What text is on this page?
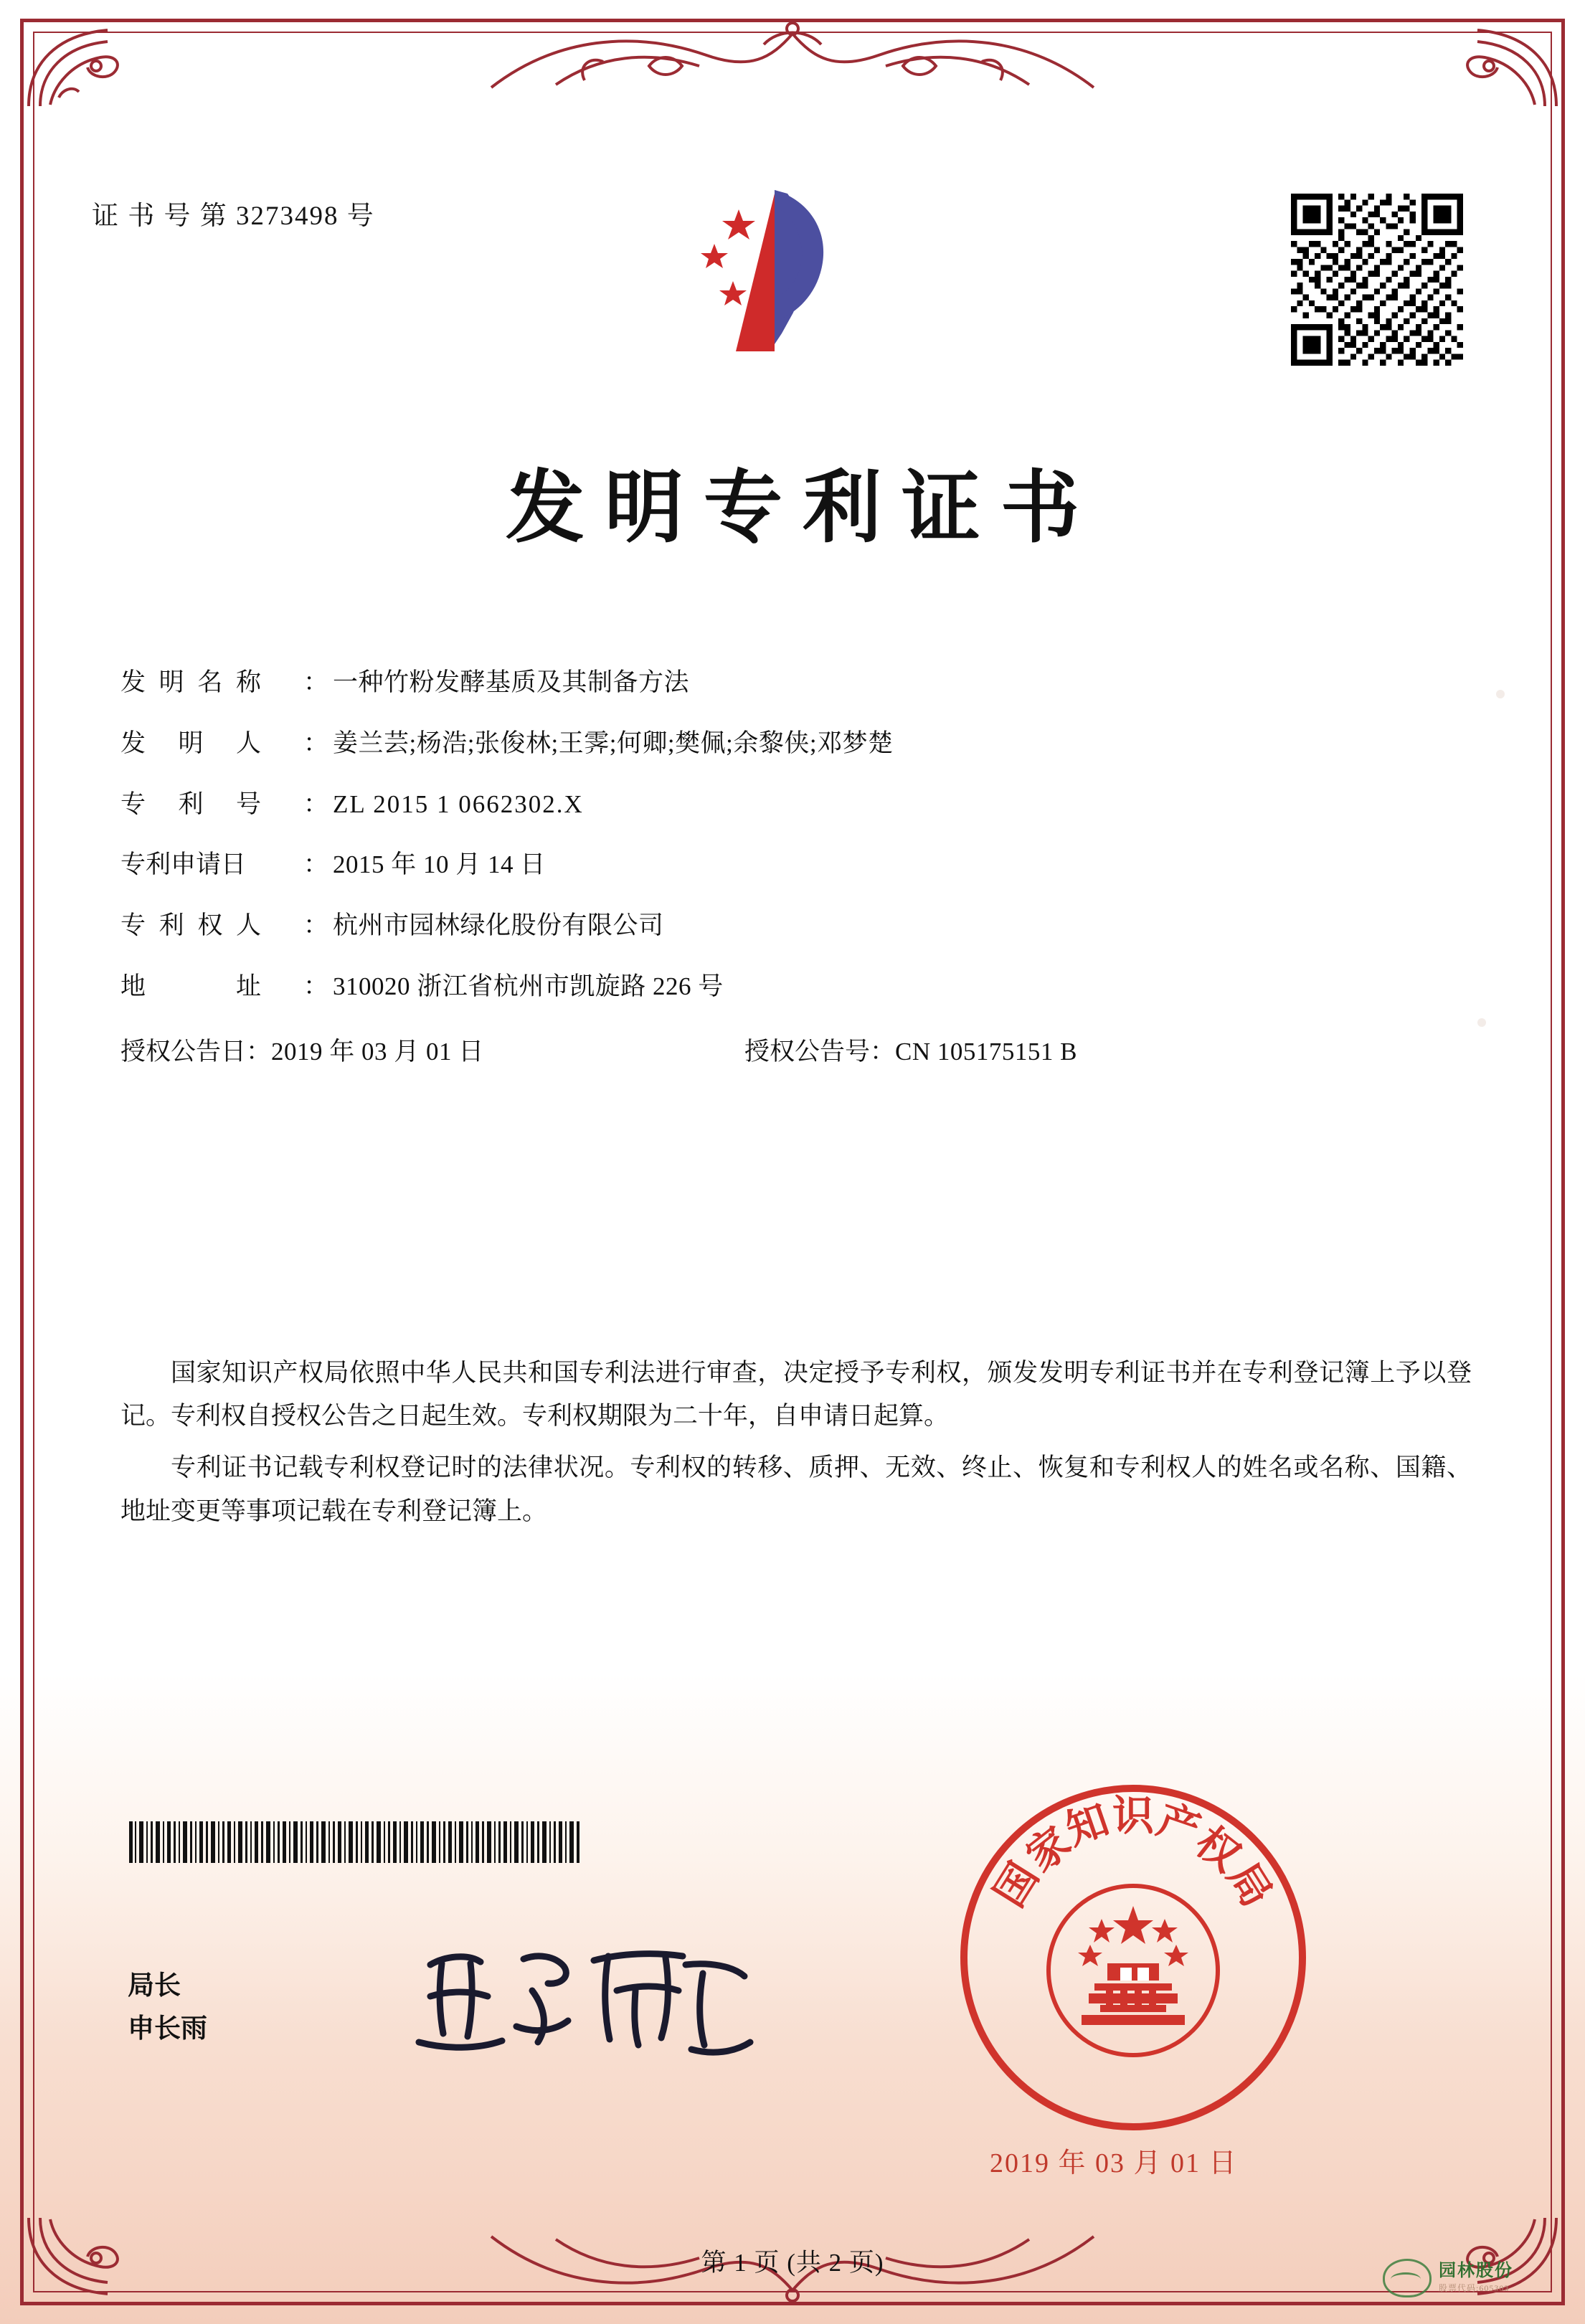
证 书 号 第 3273498 号
发明专利证书
发 明 名 称 ： 一种竹粉发酵基质及其制备方法
发 明 人 ： 姜兰芸;杨浩;张俊林;王霁;何卿;樊佩;余黎侠;邓梦楚
专 利 号 ： ZL 2015 1 0662302.X
专利申请日	： 2015 年 10 月 14 日
专 利 权 人 ： 杭州市园林绿化股份有限公司
地	址 ： 310020 浙江省杭州市凯旋路 226 号
授权公告日： 2019 年 03 月 01 日	授权公告号： CN 105175151 B
国家知识产权局依照中华人民共和国专利法进行审查，决定授予专利权，颁发发明专利证书并在专利登记簿上予以登记。专利权自授权公告之日起生效。专利权期限为二十年，自申请日起算。
专利证书记载专利权登记时的法律状况。专利权的转移、质押、无效、终止、恢复和专利权人的姓名或名称、国籍、地址变更等事项记载在专利登记簿上。
局长
申长雨
国
家
知
识
产
权
局
2019 年 03 月 01 日
第 1 页 (共 2 页)	园林股份
股票代码:605303
